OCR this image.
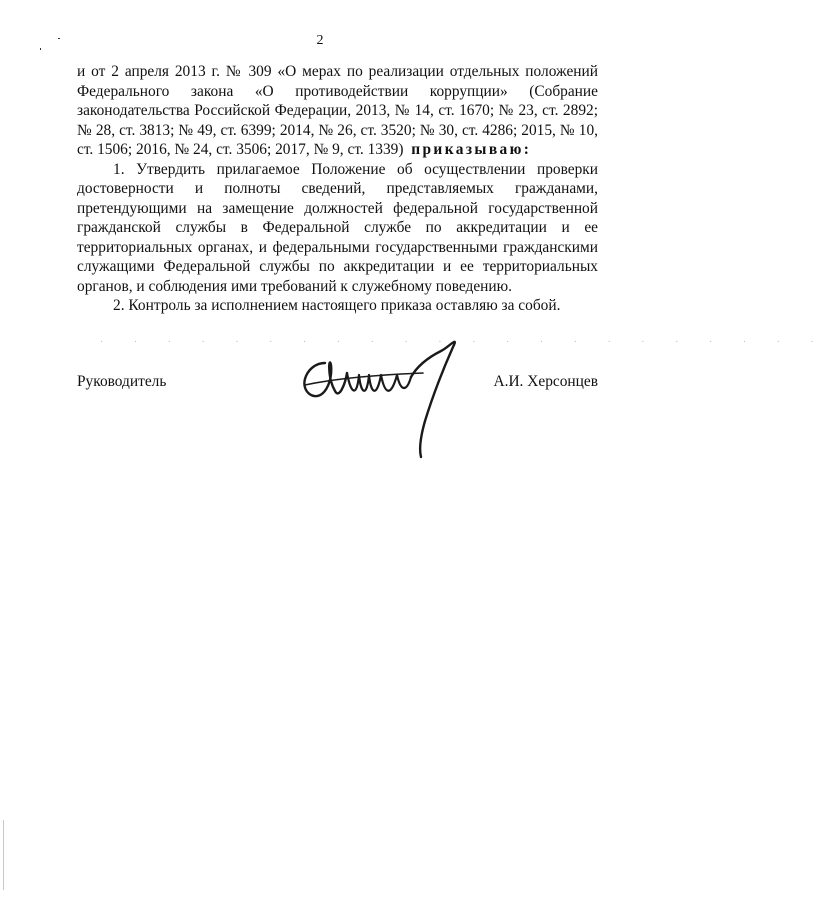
2

и от 2 апреля 2013 г. № 309 «О мерах по реализации отдельных положений Федерального закона «О противодействии коррупции» (Собрание законодательства Российской Федерации, 2013, № 14, ст. 1670; № 23, ст. 2892; № 28, ст. 3813; № 49, ст. 6399; 2014, № 26, ст. 3520; № 30, ст. 4286; 2015, № 10, ст. 1506; 2016, № 24, ст. 3506; 2017, № 9, ст. 1339) приказываю:

1. Утвердить прилагаемое Положение об осуществлении проверки достоверности и полноты сведений, представляемых гражданами, претендующими на замещение должностей федеральной государственной гражданской службы в Федеральной службе по аккредитации и ее территориальных органах, и федеральными государственными гражданскими служащими Федеральной службы по аккредитации и ее территориальных органов, и соблюдения ими требований к служебному поведению.

2. Контроль за исполнением настоящего приказа оставляю за собой.

· · · · · · · · · · · · · · · · · · · · · ·
Руководитель	А.И. Херсонцев
